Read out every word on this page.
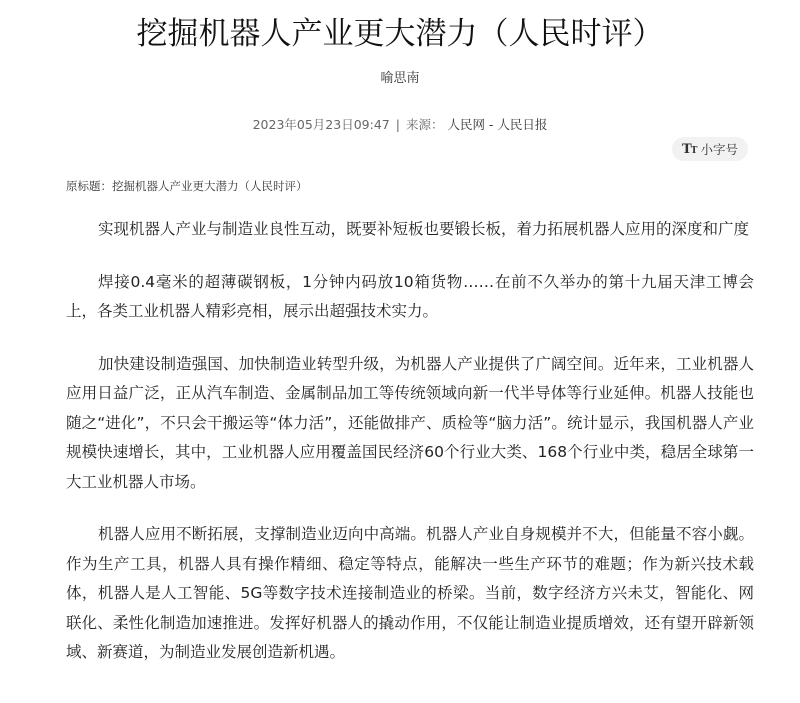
挖掘机器人产业更大潜力（人民时评）
喻思南
2023年05月23日09:47 | 来源： 人民网 - 人民日报
TT 小字号
原标题：挖掘机器人产业更大潜力（人民时评）

实现机器人产业与制造业良性互动，既要补短板也要锻长板，着力拓展机器人应用的深度和广度

焊接0.4毫米的超薄碳钢板，1分钟内码放10箱货物……在前不久举办的第十九届天津工博会上，各类工业机器人精彩亮相，展示出超强技术实力。

加快建设制造强国、加快制造业转型升级，为机器人产业提供了广阔空间。近年来，工业机器人应用日益广泛，正从汽车制造、金属制品加工等传统领域向新一代半导体等行业延伸。机器人技能也随之“进化”，不只会干搬运等“体力活”，还能做排产、质检等“脑力活”。统计显示，我国机器人产业规模快速增长，其中，工业机器人应用覆盖国民经济60个行业大类、168个行业中类，稳居全球第一大工业机器人市场。

机器人应用不断拓展，支撑制造业迈向中高端。机器人产业自身规模并不大，但能量不容小觑。作为生产工具，机器人具有操作精细、稳定等特点，能解决一些生产环节的难题；作为新兴技术载体，机器人是人工智能、5G等数字技术连接制造业的桥梁。当前，数字经济方兴未艾，智能化、网联化、柔性化制造加速推进。发挥好机器人的撬动作用，不仅能让制造业提质增效，还有望开辟新领域、新赛道，为制造业发展创造新机遇。
